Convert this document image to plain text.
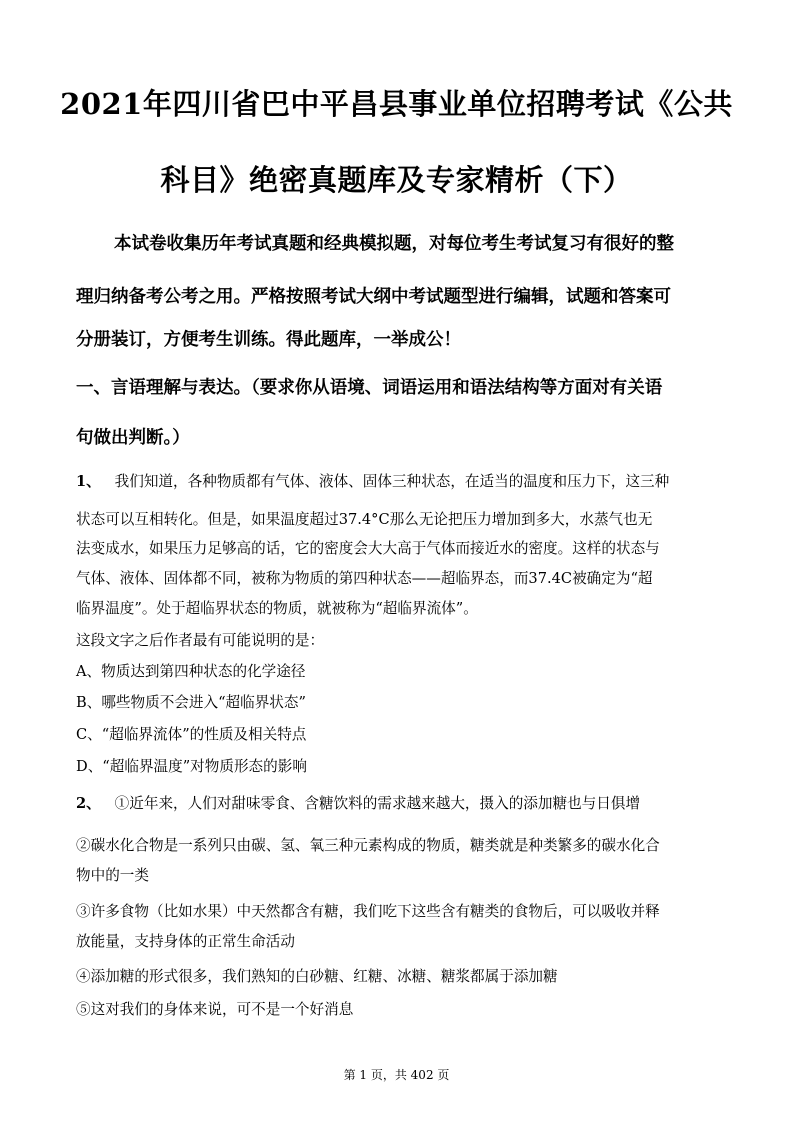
2021年四川省巴中平昌县事业单位招聘考试《公共
科目》绝密真题库及专家精析（下）
本试卷收集历年考试真题和经典模拟题，对每位考生考试复习有很好的整
理归纳备考公考之用。严格按照考试大纲中考试题型进行编辑，试题和答案可
分册装订，方便考生训练。得此题库，一举成公！
一、言语理解与表达。（要求你从语境、词语运用和语法结构等方面对有关语
句做出判断。）
1、 我们知道，各种物质都有气体、液体、固体三种状态，在适当的温度和压力下，这三种
状态可以互相转化。但是，如果温度超过37.4°C那么无论把压力增加到多大，水蒸气也无
法变成水，如果压力足够高的话，它的密度会大大高于气体而接近水的密度。这样的状态与
气体、液体、固体都不同，被称为物质的第四种状态——超临界态，而37.4C被确定为“超
临界温度”。处于超临界状态的物质，就被称为“超临界流体”。
这段文字之后作者最有可能说明的是：
A、物质达到第四种状态的化学途径
B、哪些物质不会进入“超临界状态”
C、“超临界流体”的性质及相关特点
D、“超临界温度”对物质形态的影响
2、 ①近年来，人们对甜味零食、含糖饮料的需求越来越大，摄入的添加糖也与日俱增
②碳水化合物是一系列只由碳、氢、氧三种元素构成的物质，糖类就是种类繁多的碳水化合
物中的一类
③许多食物（比如水果）中天然都含有糖，我们吃下这些含有糖类的食物后，可以吸收并释
放能量，支持身体的正常生命活动
④添加糖的形式很多，我们熟知的白砂糖、红糖、冰糖、糖浆都属于添加糖
⑤这对我们的身体来说，可不是一个好消息
第 1 页，共 402 页
